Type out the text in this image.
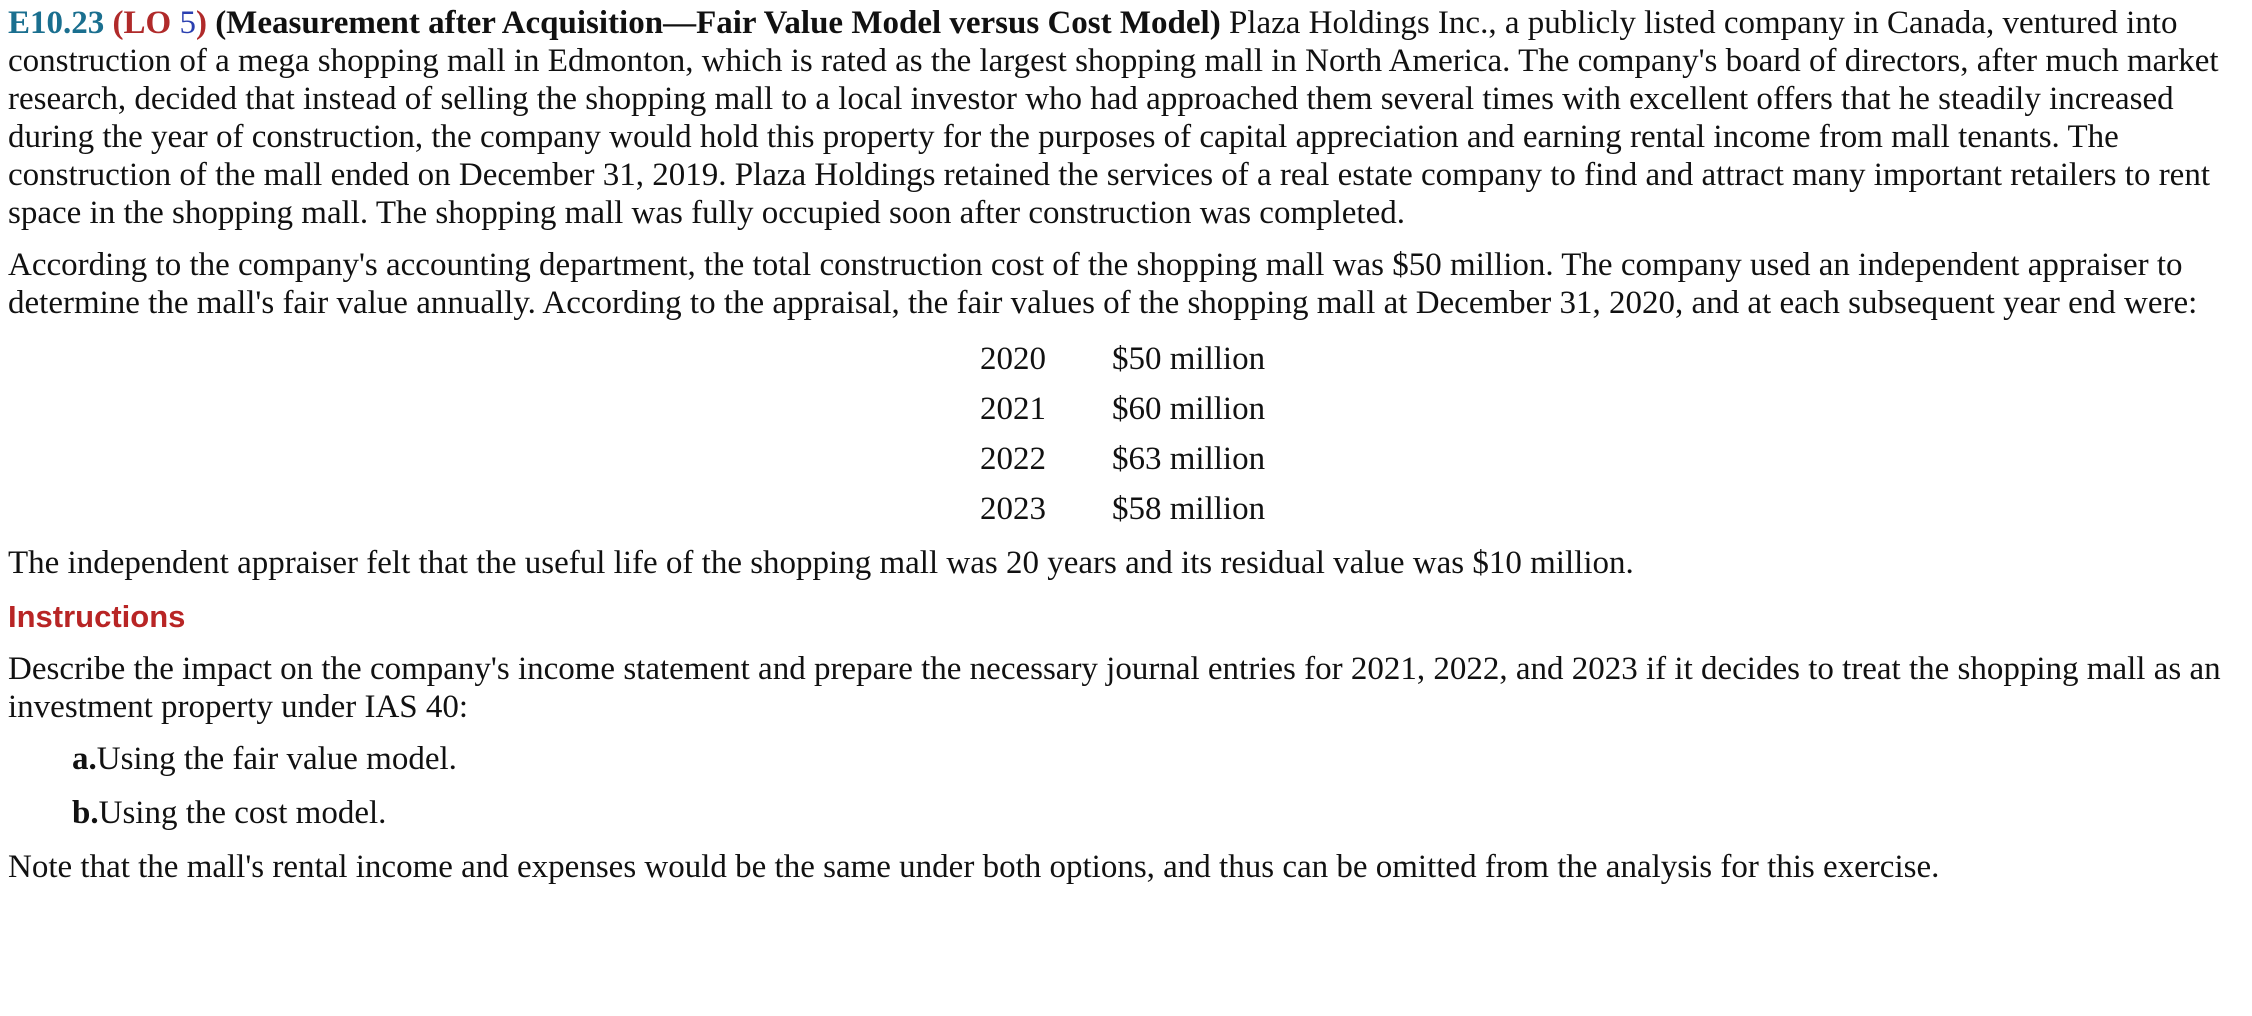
E10.23 (LO 5) (Measurement after Acquisition—Fair Value Model versus Cost Model) Plaza Holdings Inc., a publicly listed company in Canada, ventured into construction of a mega shopping mall in Edmonton, which is rated as the largest shopping mall in North America. The company's board of directors, after much market research, decided that instead of selling the shopping mall to a local investor who had approached them several times with excellent offers that he steadily increased during the year of construction, the company would hold this property for the purposes of capital appreciation and earning rental income from mall tenants. The construction of the mall ended on December 31, 2019. Plaza Holdings retained the services of a real estate company to find and attract many important retailers to rent space in the shopping mall. The shopping mall was fully occupied soon after construction was completed.

According to the company's accounting department, the total construction cost of the shopping mall was $50 million. The company used an independent appraiser to determine the mall's fair value annually. According to the appraisal, the fair values of the shopping mall at December 31, 2020, and at each subsequent year end were:

2020	$50 million
2021	$60 million
2022	$63 million
2023	$58 million

The independent appraiser felt that the useful life of the shopping mall was 20 years and its residual value was $10 million.

Instructions

Describe the impact on the company's income statement and prepare the necessary journal entries for 2021, 2022, and 2023 if it decides to treat the shopping mall as an investment property under IAS 40:

a.Using the fair value model.

b.Using the cost model.

Note that the mall's rental income and expenses would be the same under both options, and thus can be omitted from the analysis for this exercise.
